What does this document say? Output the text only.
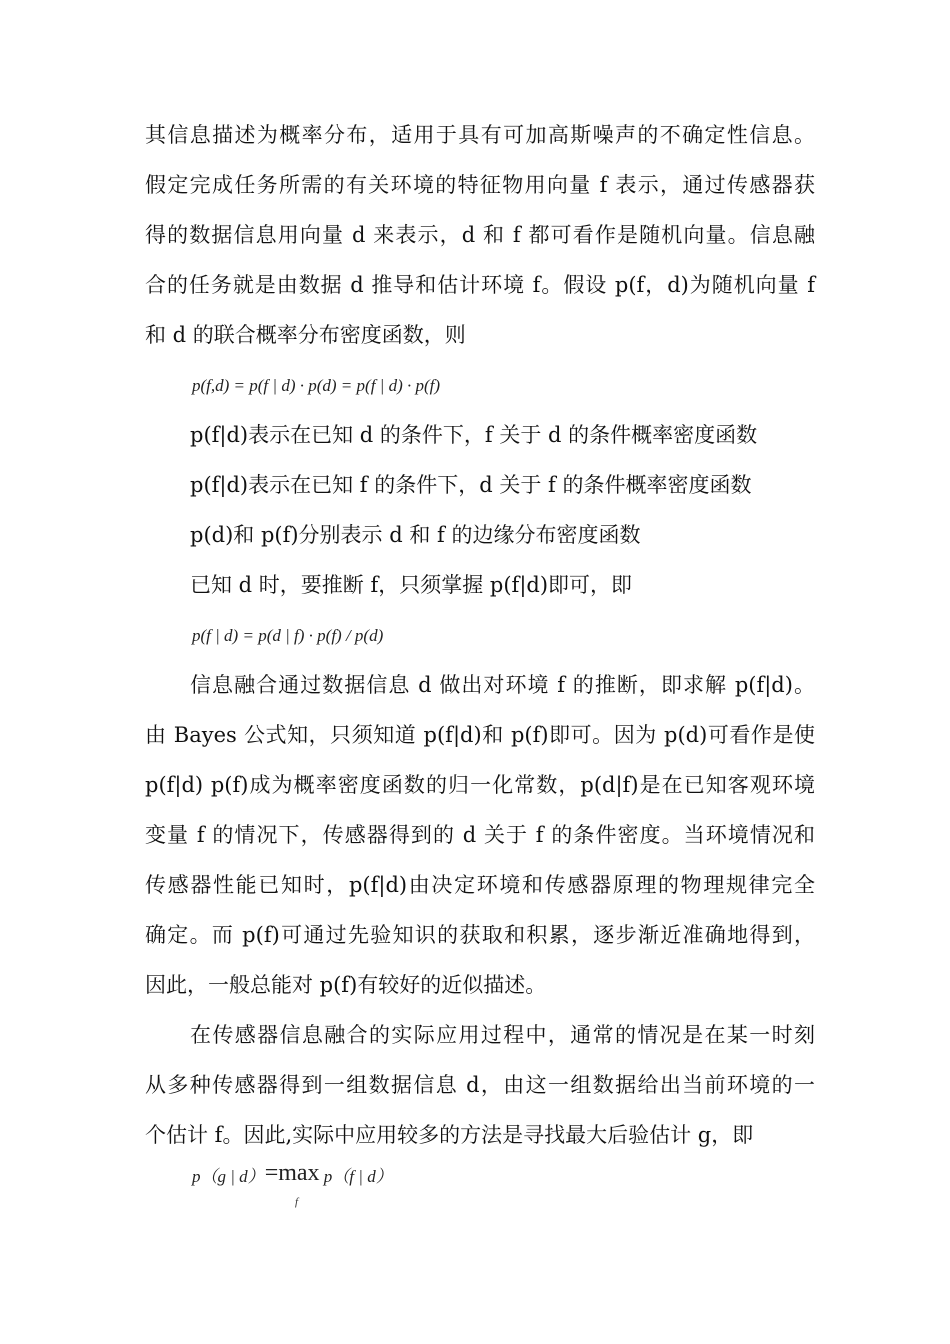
其信息描述为概率分布，适用于具有可加高斯噪声的不确定性信息。
假定完成任务所需的有关环境的特征物用向量 f 表示，通过传感器获
得的数据信息用向量 d 来表示，d 和 f 都可看作是随机向量。信息融
合的任务就是由数据 d 推导和估计环境 f。假设 p(f，d)为随机向量 f
和 d 的联合概率分布密度函数，则
p(f,d) = p(f | d) · p(d) = p(f | d) · p(f)
p(f|d)表示在已知 d 的条件下，f 关于 d 的条件概率密度函数
p(f|d)表示在已知 f 的条件下，d 关于 f 的条件概率密度函数
p(d)和 p(f)分别表示 d 和 f 的边缘分布密度函数
已知 d 时，要推断 f，只须掌握 p(f|d)即可，即
p(f | d) = p(d | f) · p(f) / p(d)
信息融合通过数据信息 d 做出对环境 f 的推断，即求解 p(f|d)。
由 Bayes 公式知，只须知道 p(f|d)和 p(f)即可。因为 p(d)可看作是使
p(f|d) p(f)成为概率密度函数的归一化常数，p(d|f)是在已知客观环境
变量 f 的情况下，传感器得到的 d 关于 f 的条件密度。当环境情况和
传感器性能已知时，p(f|d)由决定环境和传感器原理的物理规律完全
确定。而 p(f)可通过先验知识的获取和积累，逐步渐近准确地得到，
因此，一般总能对 p(f)有较好的近似描述。
在传感器信息融合的实际应用过程中，通常的情况是在某一时刻
从多种传感器得到一组数据信息 d，由这一组数据给出当前环境的一
个估计 f。因此,实际中应用较多的方法是寻找最大后验估计 g，即
p（g | d）=max p（f | d）
f
